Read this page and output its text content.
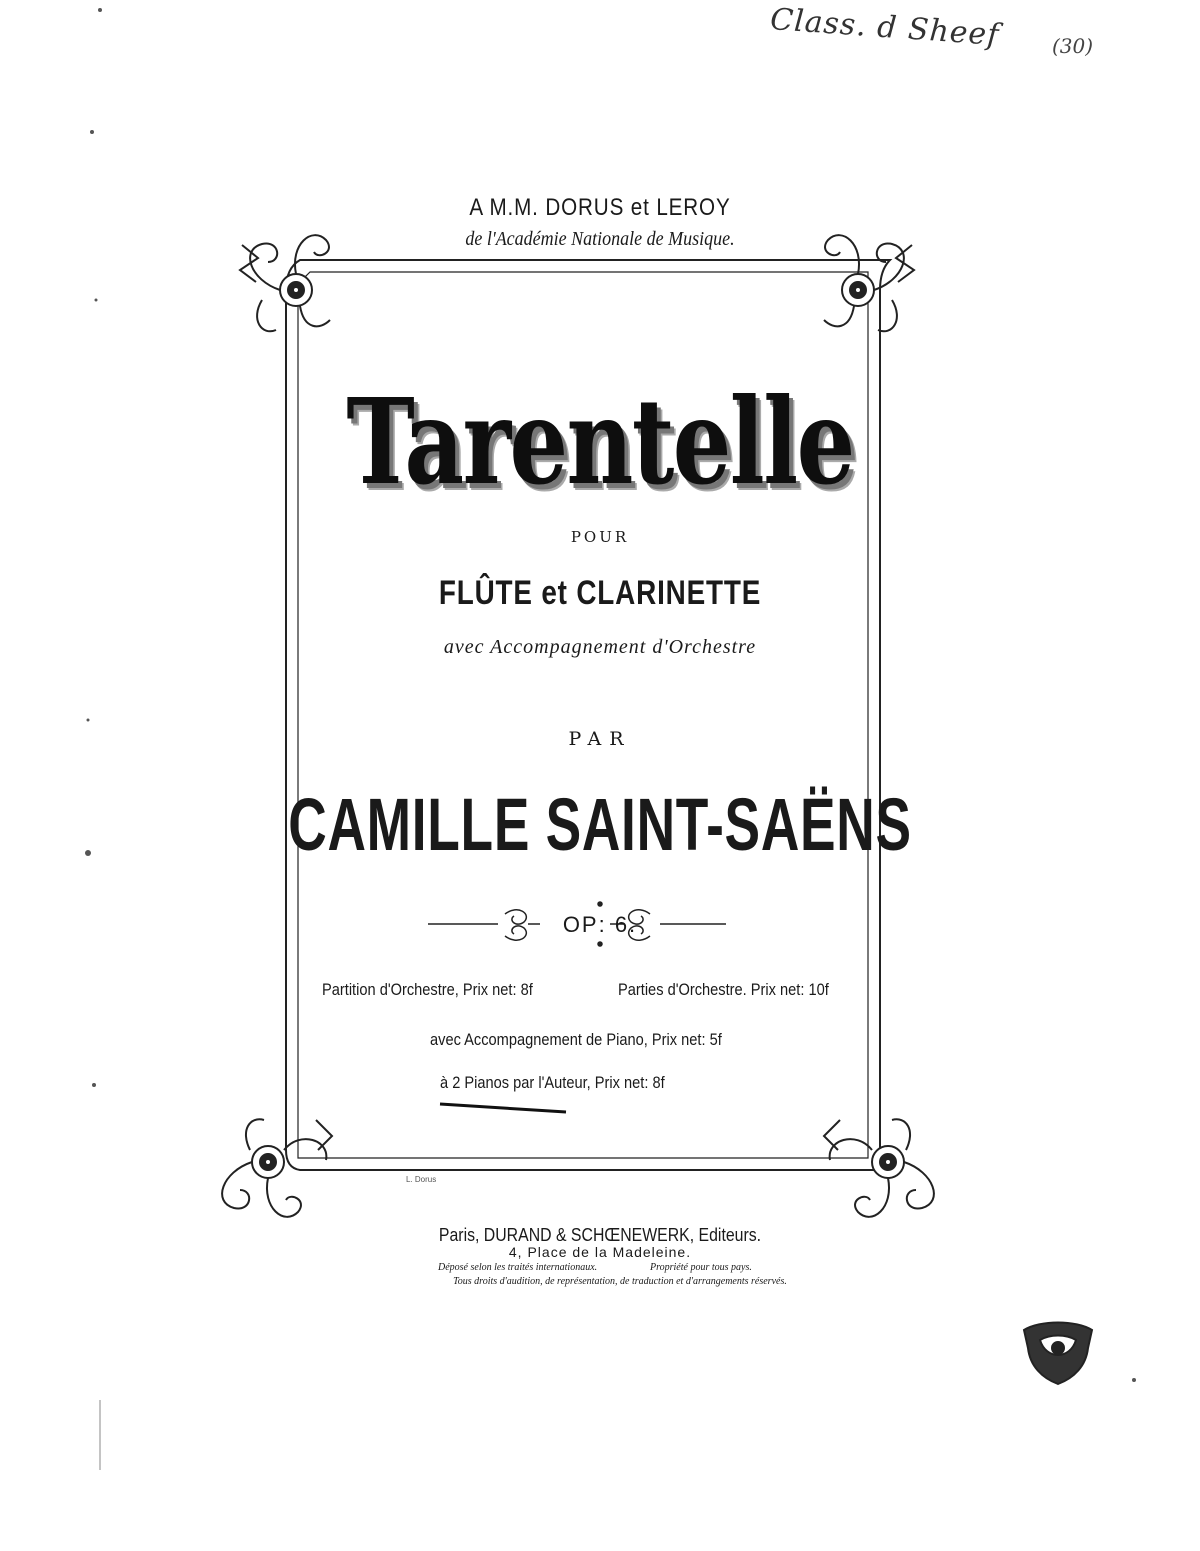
Class. d Sheef	(30)
A M.M. DORUS et LEROY
de l'Académie Nationale de Musique.
Tarentelle
POUR
FLÛTE et CLARINETTE
avec Accompagnement d'Orchestre
PAR
CAMILLE SAINT-SAËNS
OP: 6.
Partition d'Orchestre, Prix net: 8f	Parties d'Orchestre. Prix net: 10f
avec Accompagnement de Piano, Prix net: 5f
à 2 Pianos par l'Auteur, Prix net: 8f
L. Dorus
Paris, DURAND & SCHŒNEWERK, Editeurs.
4, Place de la Madeleine.
Déposé selon les traités internationaux.	Propriété pour tous pays.
Tous droits d'audition, de représentation, de traduction et d'arrangements réservés.
